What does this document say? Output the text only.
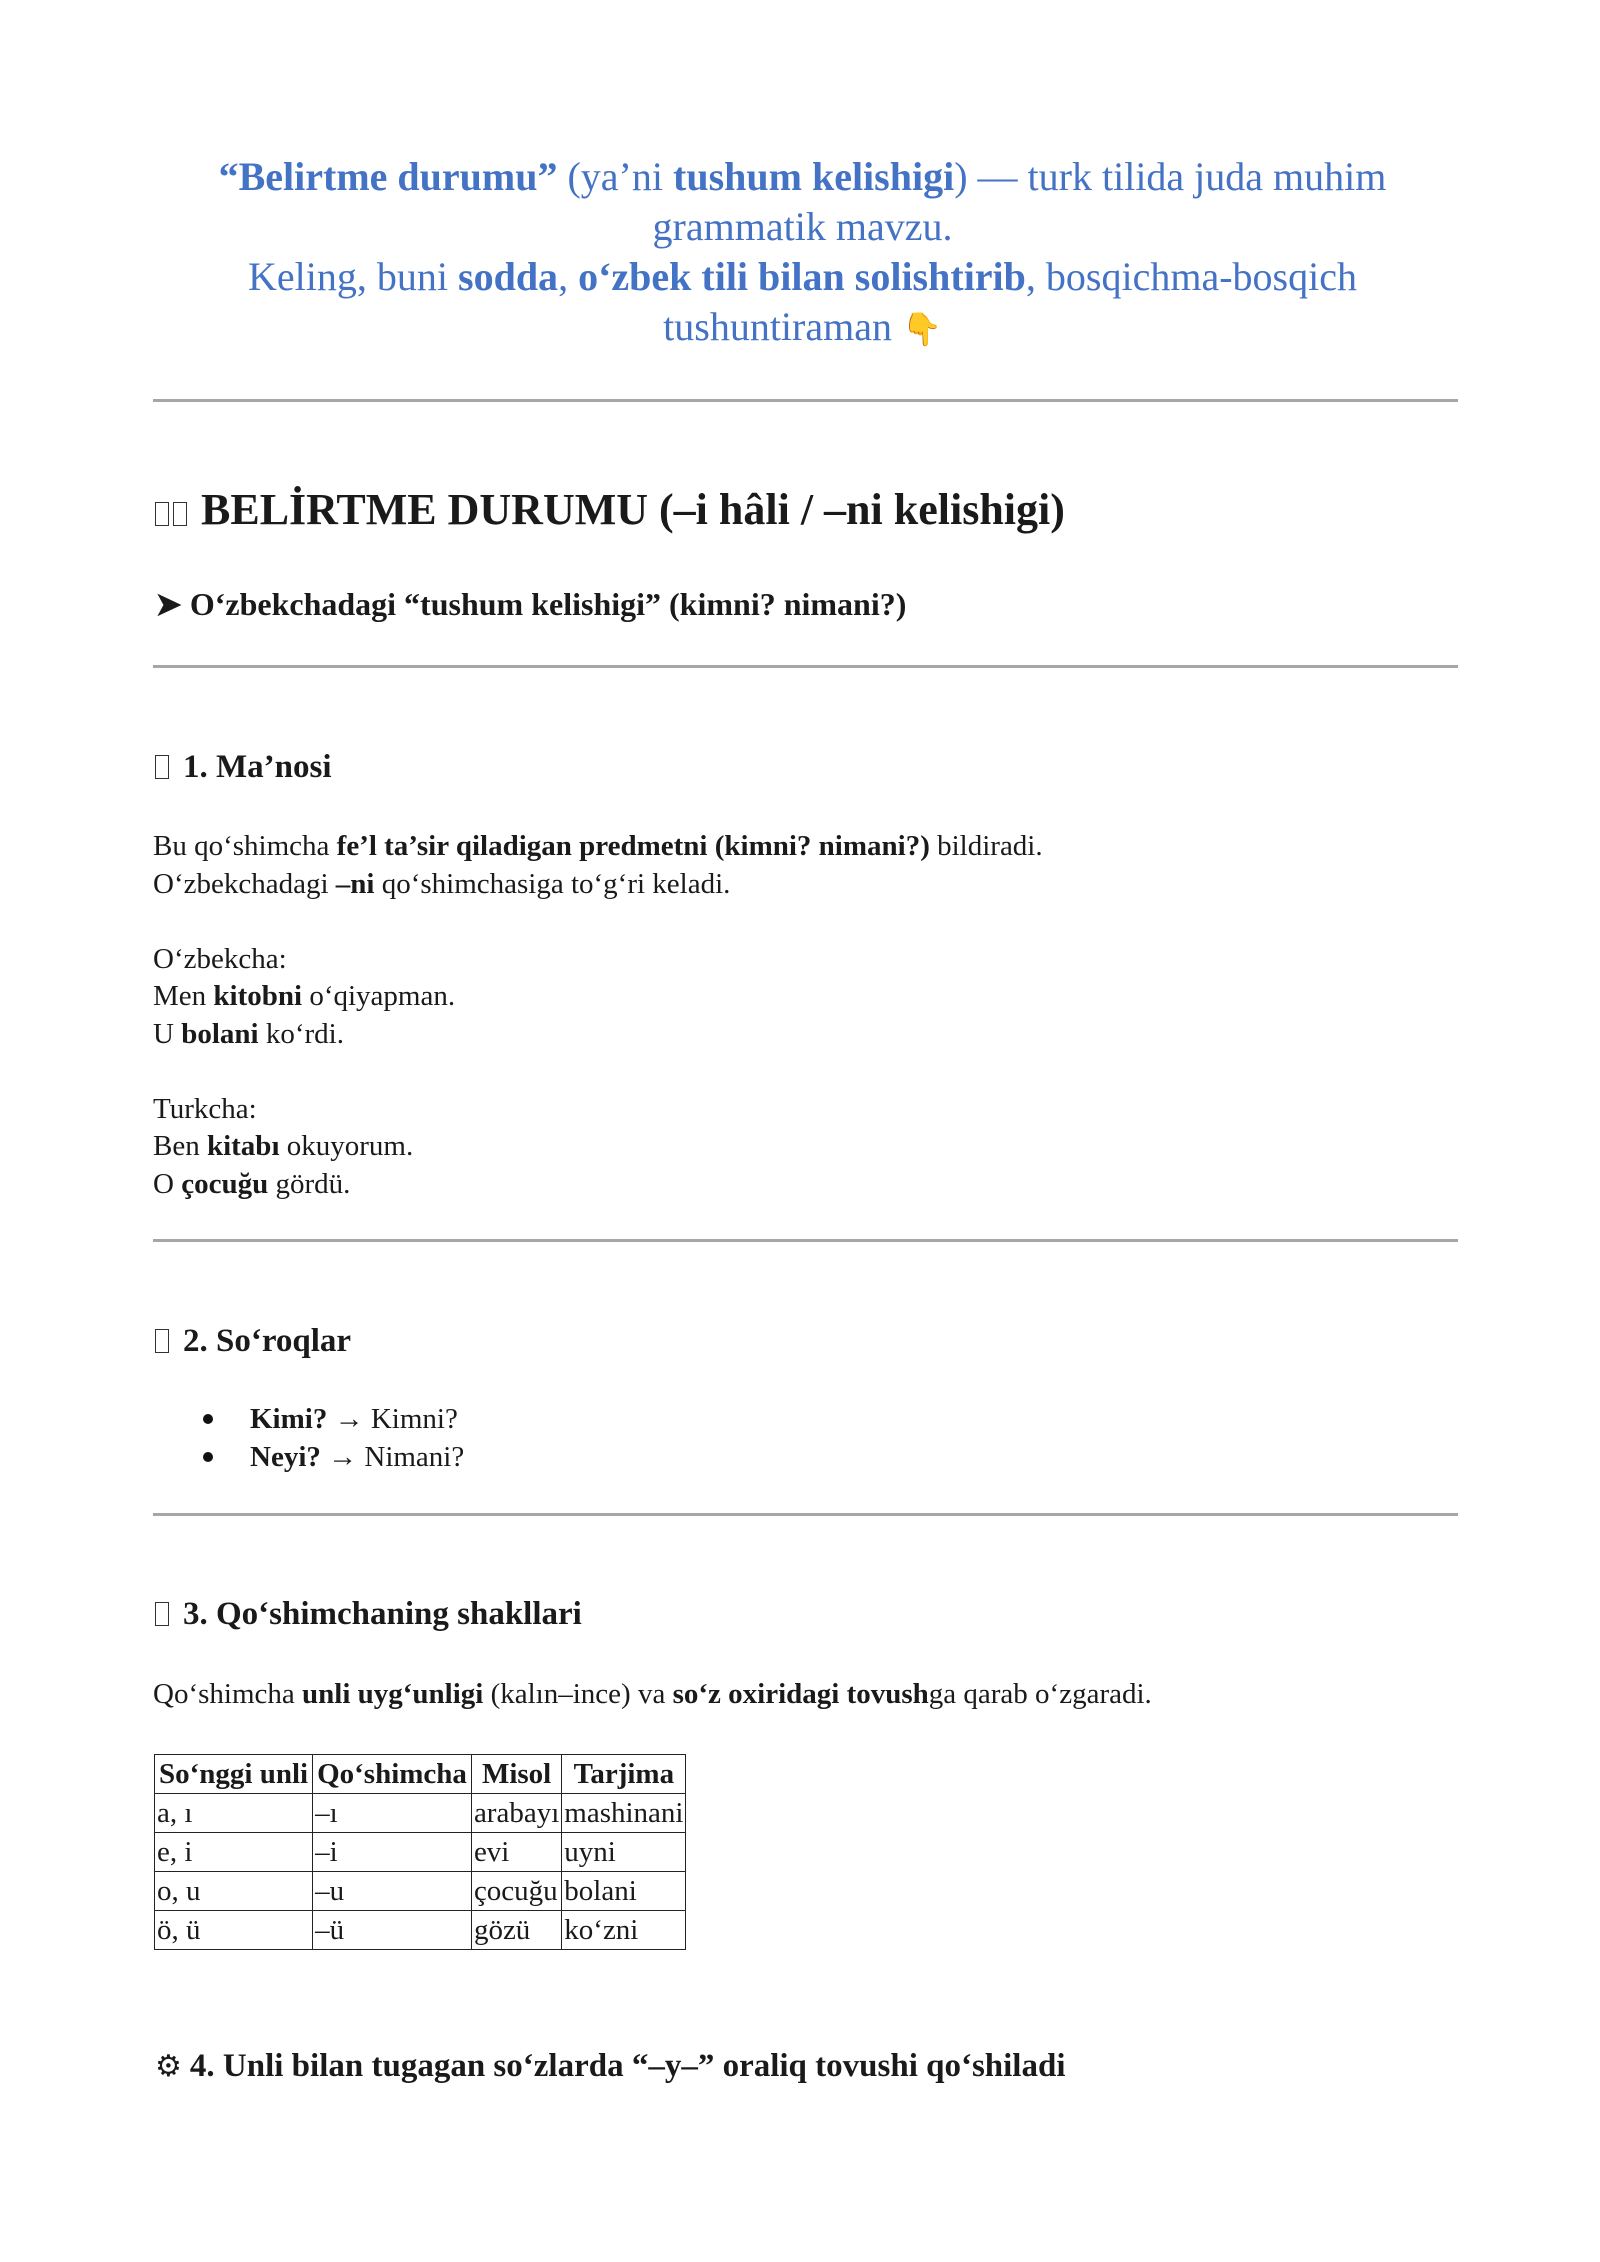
“Belirtme durumu” (ya’ni tushum kelishigi) — turk tilida juda muhim
grammatik mavzu.
Keling, buni sodda, o‘zbek tili bilan solishtirib, bosqichma-bosqich
tushuntiraman 👇
BELİRTME DURUMU (–i hâli / –ni kelishigi)
➤ O‘zbekchadagi “tushum kelishigi” (kimni? nimani?)
1. Ma’nosi
Bu qo‘shimcha fe’l ta’sir qiladigan predmetni (kimni? nimani?) bildiradi.
O‘zbekchadagi –ni qo‘shimchasiga to‘g‘ri keladi.
O‘zbekcha:
Men kitobni o‘qiyapman.
U bolani ko‘rdi.
Turkcha:
Ben kitabı okuyorum.
O çocuğu gördü.
2. So‘roqlar
Kimi? → Kimni?
Neyi? → Nimani?
3. Qo‘shimchaning shakllari
Qo‘shimcha unli uyg‘unligi (kalın–ince) va so‘z oxiridagi tovushga qarab o‘zgaradi.
So‘nggi unli	Qo‘shimcha	Misol	Tarjima
a, ı	–ı	arabayı	mashinani
e, i	–i	evi	uyni
o, u	–u	çocuğu	bolani
ö, ü	–ü	gözü	ko‘zni
⚙ 4. Unli bilan tugagan so‘zlarda “–y–” oraliq tovushi qo‘shiladi
